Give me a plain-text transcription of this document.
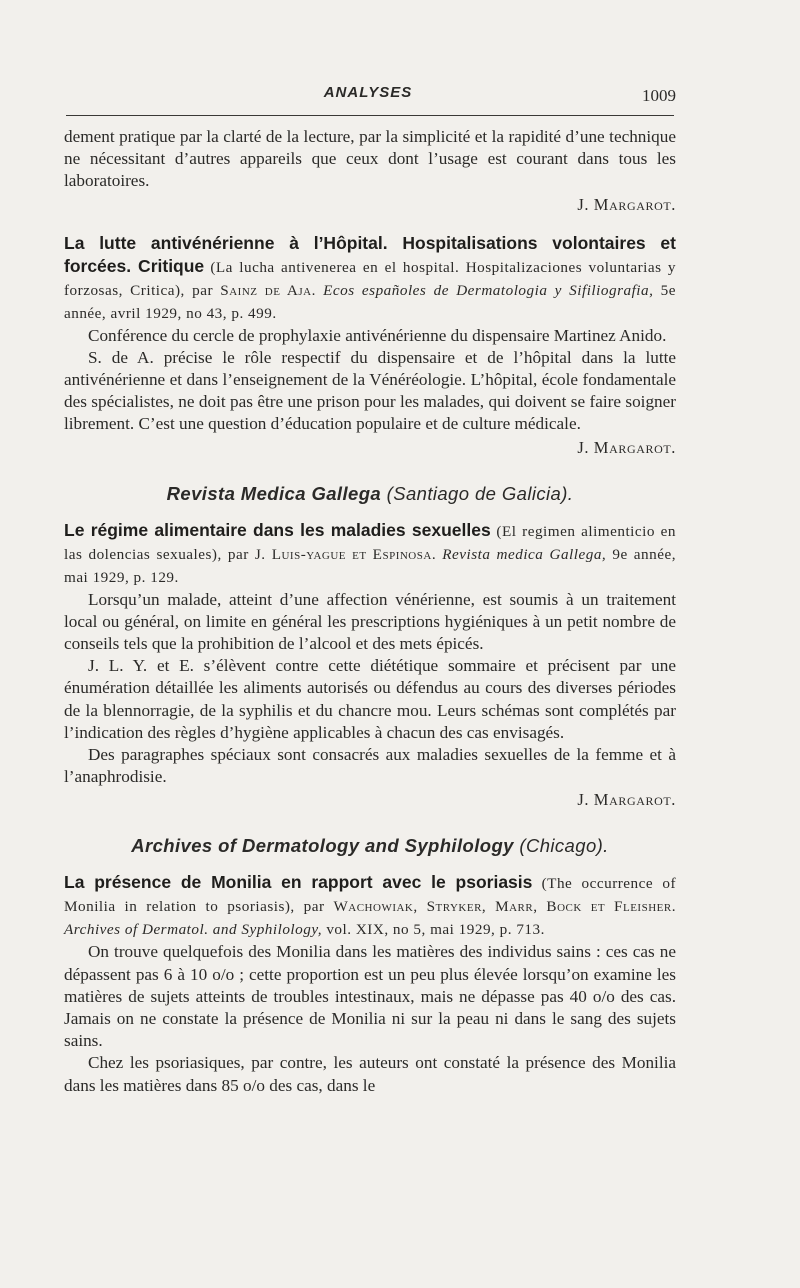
ANALYSES	1009

dement pratique par la clarté de la lecture, par la simplicité et la rapidité d’une technique ne nécessitant d’autres appareils que ceux dont l’usage est courant dans tous les laboratoires.

J. Margarot.

La lutte antivénérienne à l’Hôpital. Hospitalisations volontaires et forcées. Critique (La lucha antivenerea en el hospital. Hospitalizaciones voluntarias y forzosas, Critica), par Sainz de Aja. Ecos españoles de Dermatologia y Sifiliografia, 5e année, avril 1929, no 43, p. 499.

Conférence du cercle de prophylaxie antivénérienne du dispensaire Martinez Anido.

S. de A. précise le rôle respectif du dispensaire et de l’hôpital dans la lutte antivénérienne et dans l’enseignement de la Vénéréologie. L’hôpital, école fondamentale des spécialistes, ne doit pas être une prison pour les malades, qui doivent se faire soigner librement. C’est une question d’éducation populaire et de culture médicale.

J. Margarot.
Revista Medica Gallega (Santiago de Galicia).

Le régime alimentaire dans les maladies sexuelles (El regimen alimenticio en las dolencias sexuales), par J. Luis-yague et Espinosa. Revista medica Gallega, 9e année, mai 1929, p. 129.

Lorsqu’un malade, atteint d’une affection vénérienne, est soumis à un traitement local ou général, on limite en général les prescriptions hygiéniques à un petit nombre de conseils tels que la prohibition de l’alcool et des mets épicés.

J. L. Y. et E. s’élèvent contre cette diététique sommaire et précisent par une énumération détaillée les aliments autorisés ou défendus au cours des diverses périodes de la blennorragie, de la syphilis et du chancre mou. Leurs schémas sont complétés par l’indication des règles d’hygiène applicables à chacun des cas envisagés.

Des paragraphes spéciaux sont consacrés aux maladies sexuelles de la femme et à l’anaphrodisie.

J. Margarot.
Archives of Dermatology and Syphilology (Chicago).

La présence de Monilia en rapport avec le psoriasis (The occurrence of Monilia in relation to psoriasis), par Wachowiak, Stryker, Marr, Bock et Fleisher. Archives of Dermatol. and Syphilology, vol. XIX, no 5, mai 1929, p. 713.

On trouve quelquefois des Monilia dans les matières des individus sains : ces cas ne dépassent pas 6 à 10 o/o ; cette proportion est un peu plus élevée lorsqu’on examine les matières de sujets atteints de troubles intestinaux, mais ne dépasse pas 40 o/o des cas. Jamais on ne constate la présence de Monilia ni sur la peau ni dans le sang des sujets sains.

Chez les psoriasiques, par contre, les auteurs ont constaté la présence des Monilia dans les matières dans 85 o/o des cas, dans le
